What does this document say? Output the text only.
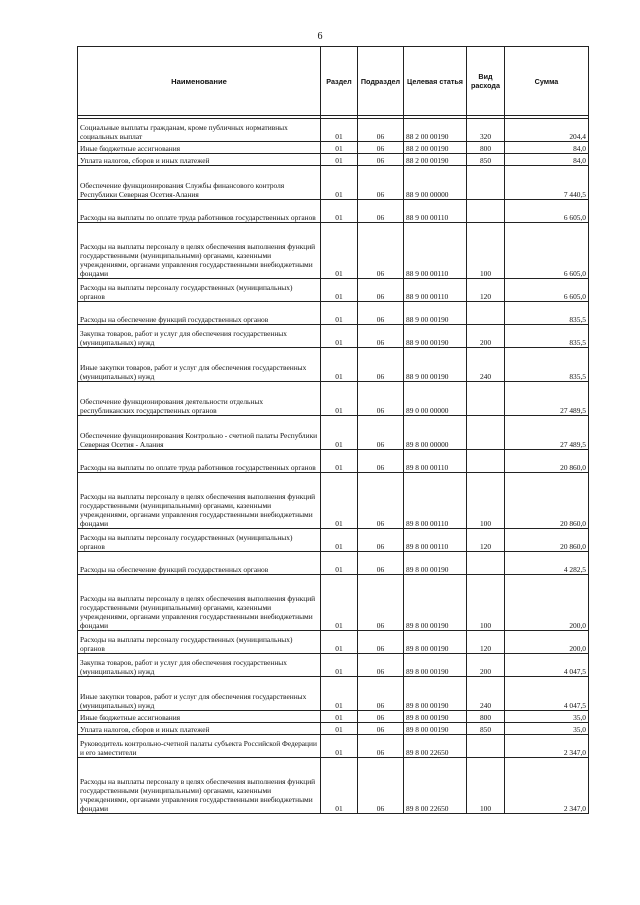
6
Наименование	Раздел	Подраздел	Целевая статья	Вид расхода	Сумма

Социальные выплаты гражданам, кроме публичных нормативных социальных выплат	01	06	88 2 00 00190	320	204,4
Иные бюджетные ассигнования	01	06	88 2 00 00190	800	84,0
Уплата налогов, сборов и иных платежей	01	06	88 2 00 00190	850	84,0
Обеспечение функционирования Службы финансового контроля Республики Северная Осетия-Алания	01	06	88 9 00 00000		7 440,5
Расходы на выплаты по оплате труда работников государственных органов	01	06	88 9 00 00110		6 605,0
Расходы на выплаты персоналу в целях обеспечения выполнения функций государственными (муниципальными) органами, казенными учреждениями, органами управления государственными внебюджетными фондами	01	06	88 9 00 00110	100	6 605,0
Расходы на выплаты персоналу государственных (муниципальных) органов	01	06	88 9 00 00110	120	6 605,0
Расходы на обеспечение функций государственных органов	01	06	88 9 00 00190		835,5
Закупка товаров, работ и услуг для обеспечения государственных (муниципальных) нужд	01	06	88 9 00 00190	200	835,5
Иные закупки товаров, работ и услуг для обеспечения государственных (муниципальных) нужд	01	06	88 9 00 00190	240	835,5
Обеспечение функционирования деятельности отдельных республиканских государственных органов	01	06	89 0 00 00000		27 489,5
Обеспечение функционирования Контрольно - счетной палаты Республики Северная Осетия - Алания	01	06	89 8 00 00000		27 489,5
Расходы на выплаты по оплате труда работников государственных органов	01	06	89 8 00 00110		20 860,0
Расходы на выплаты персоналу в целях обеспечения выполнения функций государственными (муниципальными) органами, казенными учреждениями, органами управления государственными внебюджетными фондами	01	06	89 8 00 00110	100	20 860,0
Расходы на выплаты персоналу государственных (муниципальных) органов	01	06	89 8 00 00110	120	20 860,0
Расходы на обеспечение функций государственных органов	01	06	89 8 00 00190		4 282,5
Расходы на выплаты персоналу в целях обеспечения выполнения функций государственными (муниципальными) органами, казенными учреждениями, органами управления государственными внебюджетными фондами	01	06	89 8 00 00190	100	200,0
Расходы на выплаты персоналу государственных (муниципальных) органов	01	06	89 8 00 00190	120	200,0
Закупка товаров, работ и услуг для обеспечения государственных (муниципальных) нужд	01	06	89 8 00 00190	200	4 047,5
Иные закупки товаров, работ и услуг для обеспечения государственных (муниципальных) нужд	01	06	89 8 00 00190	240	4 047,5
Иные бюджетные ассигнования	01	06	89 8 00 00190	800	35,0
Уплата налогов, сборов и иных платежей	01	06	89 8 00 00190	850	35,0
Руководитель контрольно-счетной палаты субъекта Российской Федерации и его заместители	01	06	89 8 00 22650		2 347,0
Расходы на выплаты персоналу в целях обеспечения выполнения функций государственными (муниципальными) органами, казенными учреждениями, органами управления государственными внебюджетными фондами	01	06	89 8 00 22650	100	2 347,0
